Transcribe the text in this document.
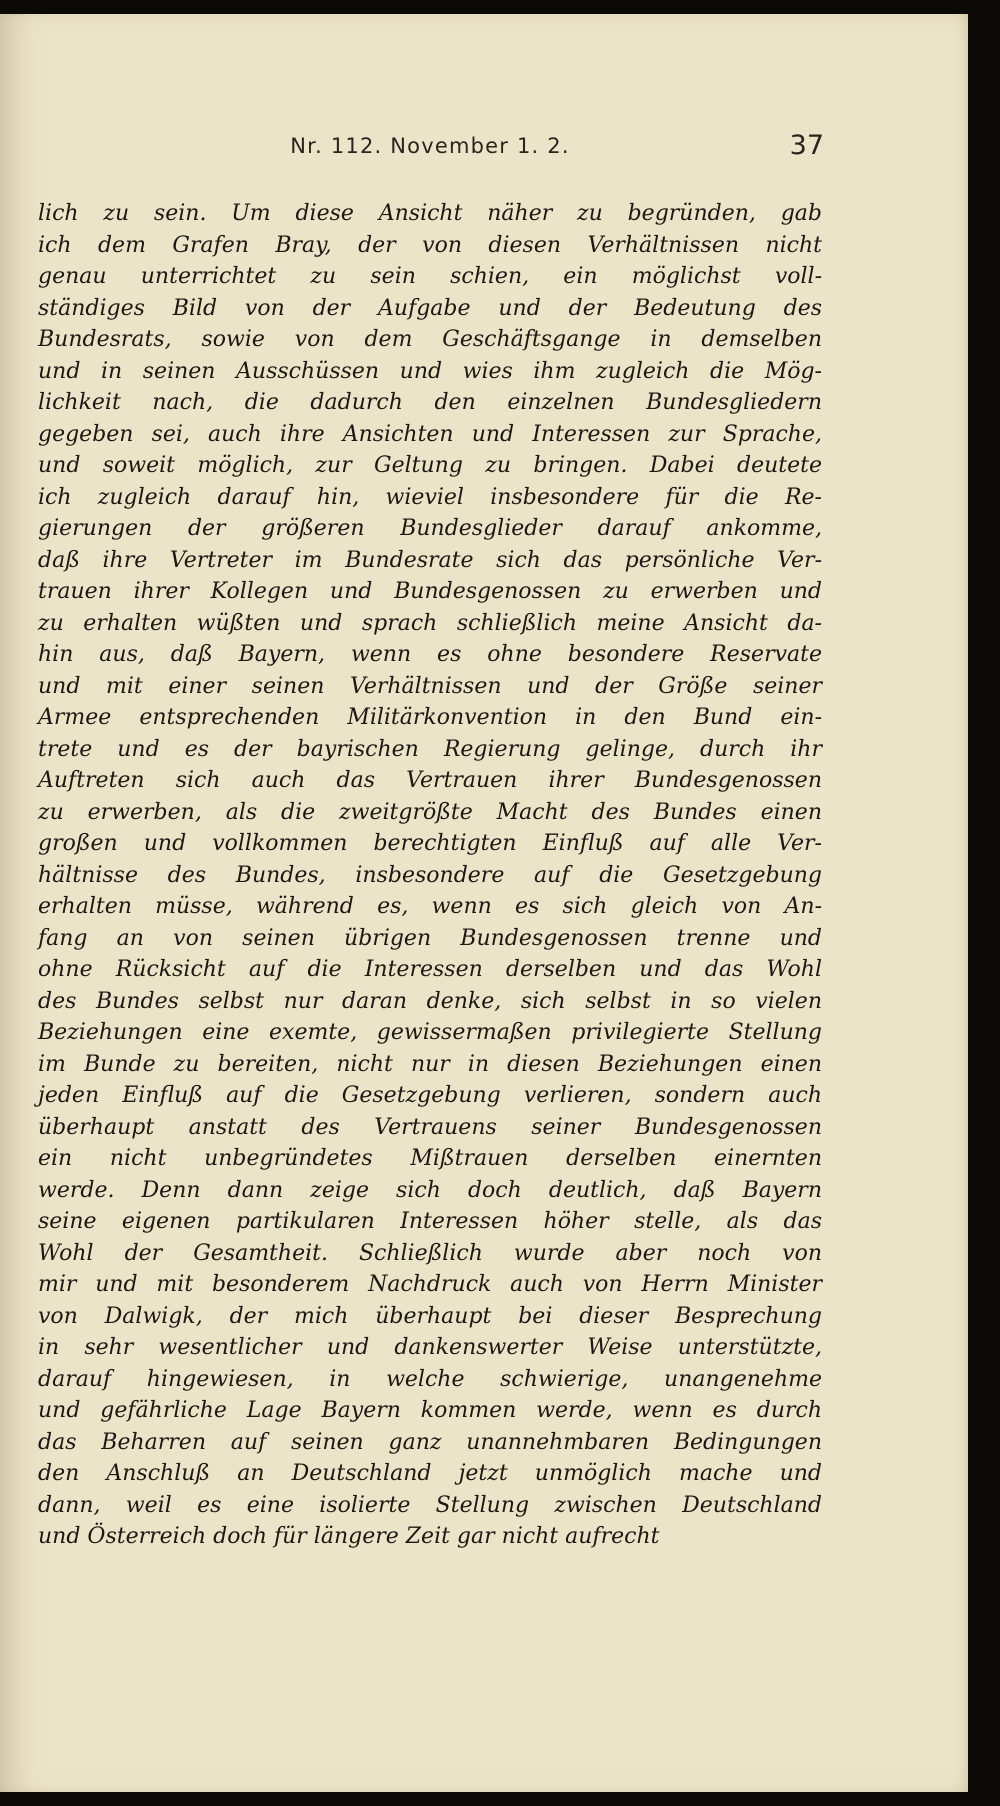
Nr. 112. November 1. 2.	37
lich zu sein. Um diese Ansicht näher zu begründen, gab
ich dem Grafen Bray, der von diesen Verhältnissen nicht
genau unterrichtet zu sein schien, ein möglichst voll-
ständiges Bild von der Aufgabe und der Bedeutung des
Bundesrats, sowie von dem Geschäftsgange in demselben
und in seinen Ausschüssen und wies ihm zugleich die Mög-
lichkeit nach, die dadurch den einzelnen Bundesgliedern
gegeben sei, auch ihre Ansichten und Interessen zur Sprache,
und soweit möglich, zur Geltung zu bringen. Dabei deutete
ich zugleich darauf hin, wieviel insbesondere für die Re-
gierungen der größeren Bundesglieder darauf ankomme,
daß ihre Vertreter im Bundesrate sich das persönliche Ver-
trauen ihrer Kollegen und Bundesgenossen zu erwerben und
zu erhalten wüßten und sprach schließlich meine Ansicht da-
hin aus, daß Bayern, wenn es ohne besondere Reservate
und mit einer seinen Verhältnissen und der Größe seiner
Armee entsprechenden Militärkonvention in den Bund ein-
trete und es der bayrischen Regierung gelinge, durch ihr
Auftreten sich auch das Vertrauen ihrer Bundesgenossen
zu erwerben, als die zweitgrößte Macht des Bundes einen
großen und vollkommen berechtigten Einfluß auf alle Ver-
hältnisse des Bundes, insbesondere auf die Gesetzgebung
erhalten müsse, während es, wenn es sich gleich von An-
fang an von seinen übrigen Bundesgenossen trenne und
ohne Rücksicht auf die Interessen derselben und das Wohl
des Bundes selbst nur daran denke, sich selbst in so vielen
Beziehungen eine exemte, gewissermaßen privilegierte Stellung
im Bunde zu bereiten, nicht nur in diesen Beziehungen einen
jeden Einfluß auf die Gesetzgebung verlieren, sondern auch
überhaupt anstatt des Vertrauens seiner Bundesgenossen
ein nicht unbegründetes Mißtrauen derselben einernten
werde. Denn dann zeige sich doch deutlich, daß Bayern
seine eigenen partikularen Interessen höher stelle, als das
Wohl der Gesamtheit. Schließlich wurde aber noch von
mir und mit besonderem Nachdruck auch von Herrn Minister
von Dalwigk, der mich überhaupt bei dieser Besprechung
in sehr wesentlicher und dankenswerter Weise unterstützte,
darauf hingewiesen, in welche schwierige, unangenehme
und gefährliche Lage Bayern kommen werde, wenn es durch
das Beharren auf seinen ganz unannehmbaren Bedingungen
den Anschluß an Deutschland jetzt unmöglich mache und
dann, weil es eine isolierte Stellung zwischen Deutschland
und Österreich doch für längere Zeit gar nicht aufrecht
